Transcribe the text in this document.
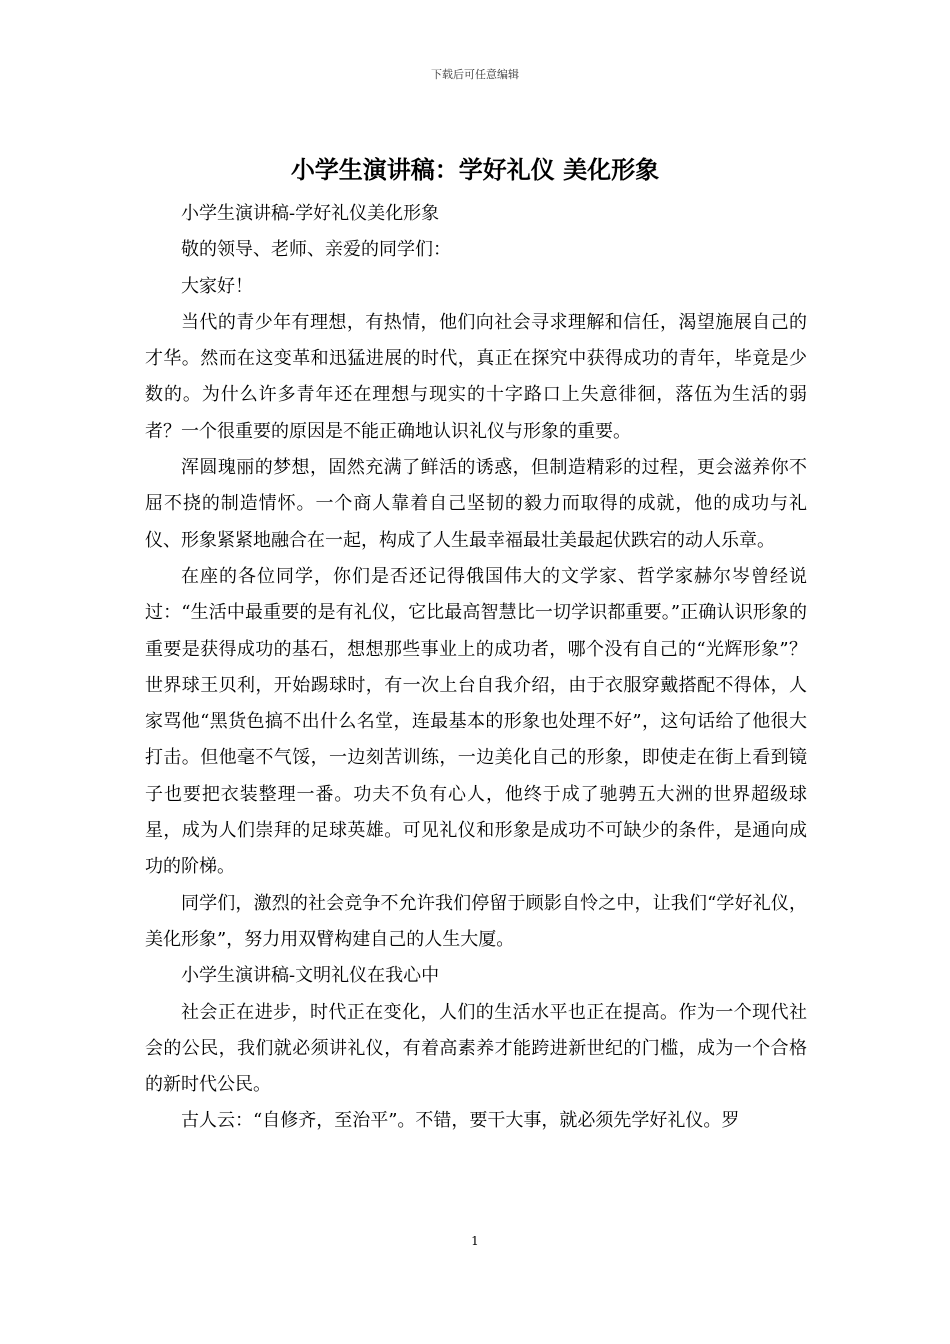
下载后可任意编辑
小学生演讲稿：学好礼仪 美化形象

小学生演讲稿-学好礼仪美化形象

敬的领导、老师、亲爱的同学们：

大家好！

当代的青少年有理想，有热情，他们向社会寻求理解和信任，渴望施展自己的才华。然而在这变革和迅猛进展的时代，真正在探究中获得成功的青年，毕竟是少数的。为什么许多青年还在理想与现实的十字路口上失意徘徊，落伍为生活的弱者？一个很重要的原因是不能正确地认识礼仪与形象的重要。

浑圆瑰丽的梦想，固然充满了鲜活的诱惑，但制造精彩的过程，更会滋养你不屈不挠的制造情怀。一个商人靠着自己坚韧的毅力而取得的成就，他的成功与礼仪、形象紧紧地融合在一起，构成了人生最幸福最壮美最起伏跌宕的动人乐章。

在座的各位同学，你们是否还记得俄国伟大的文学家、哲学家赫尔岑曾经说过：“生活中最重要的是有礼仪，它比最高智慧比一切学识都重要。”正确认识形象的重要是获得成功的基石，想想那些事业上的成功者，哪个没有自己的“光辉形象”？世界球王贝利，开始踢球时，有一次上台自我介绍，由于衣服穿戴搭配不得体，人家骂他“黑货色搞不出什么名堂，连最基本的形象也处理不好”，这句话给了他很大打击。但他毫不气馁，一边刻苦训练，一边美化自己的形象，即使走在街上看到镜子也要把衣装整理一番。功夫不负有心人，他终于成了驰骋五大洲的世界超级球星，成为人们崇拜的足球英雄。可见礼仪和形象是成功不可缺少的条件，是通向成功的阶梯。

同学们，激烈的社会竞争不允许我们停留于顾影自怜之中，让我们“学好礼仪，美化形象”，努力用双臂构建自己的人生大厦。

小学生演讲稿-文明礼仪在我心中

社会正在进步，时代正在变化，人们的生活水平也正在提高。作为一个现代社会的公民，我们就必须讲礼仪，有着高素养才能跨进新世纪的门槛，成为一个合格的新时代公民。

古人云：“自修齐，至治平”。不错，要干大事，就必须先学好礼仪。罗

1
